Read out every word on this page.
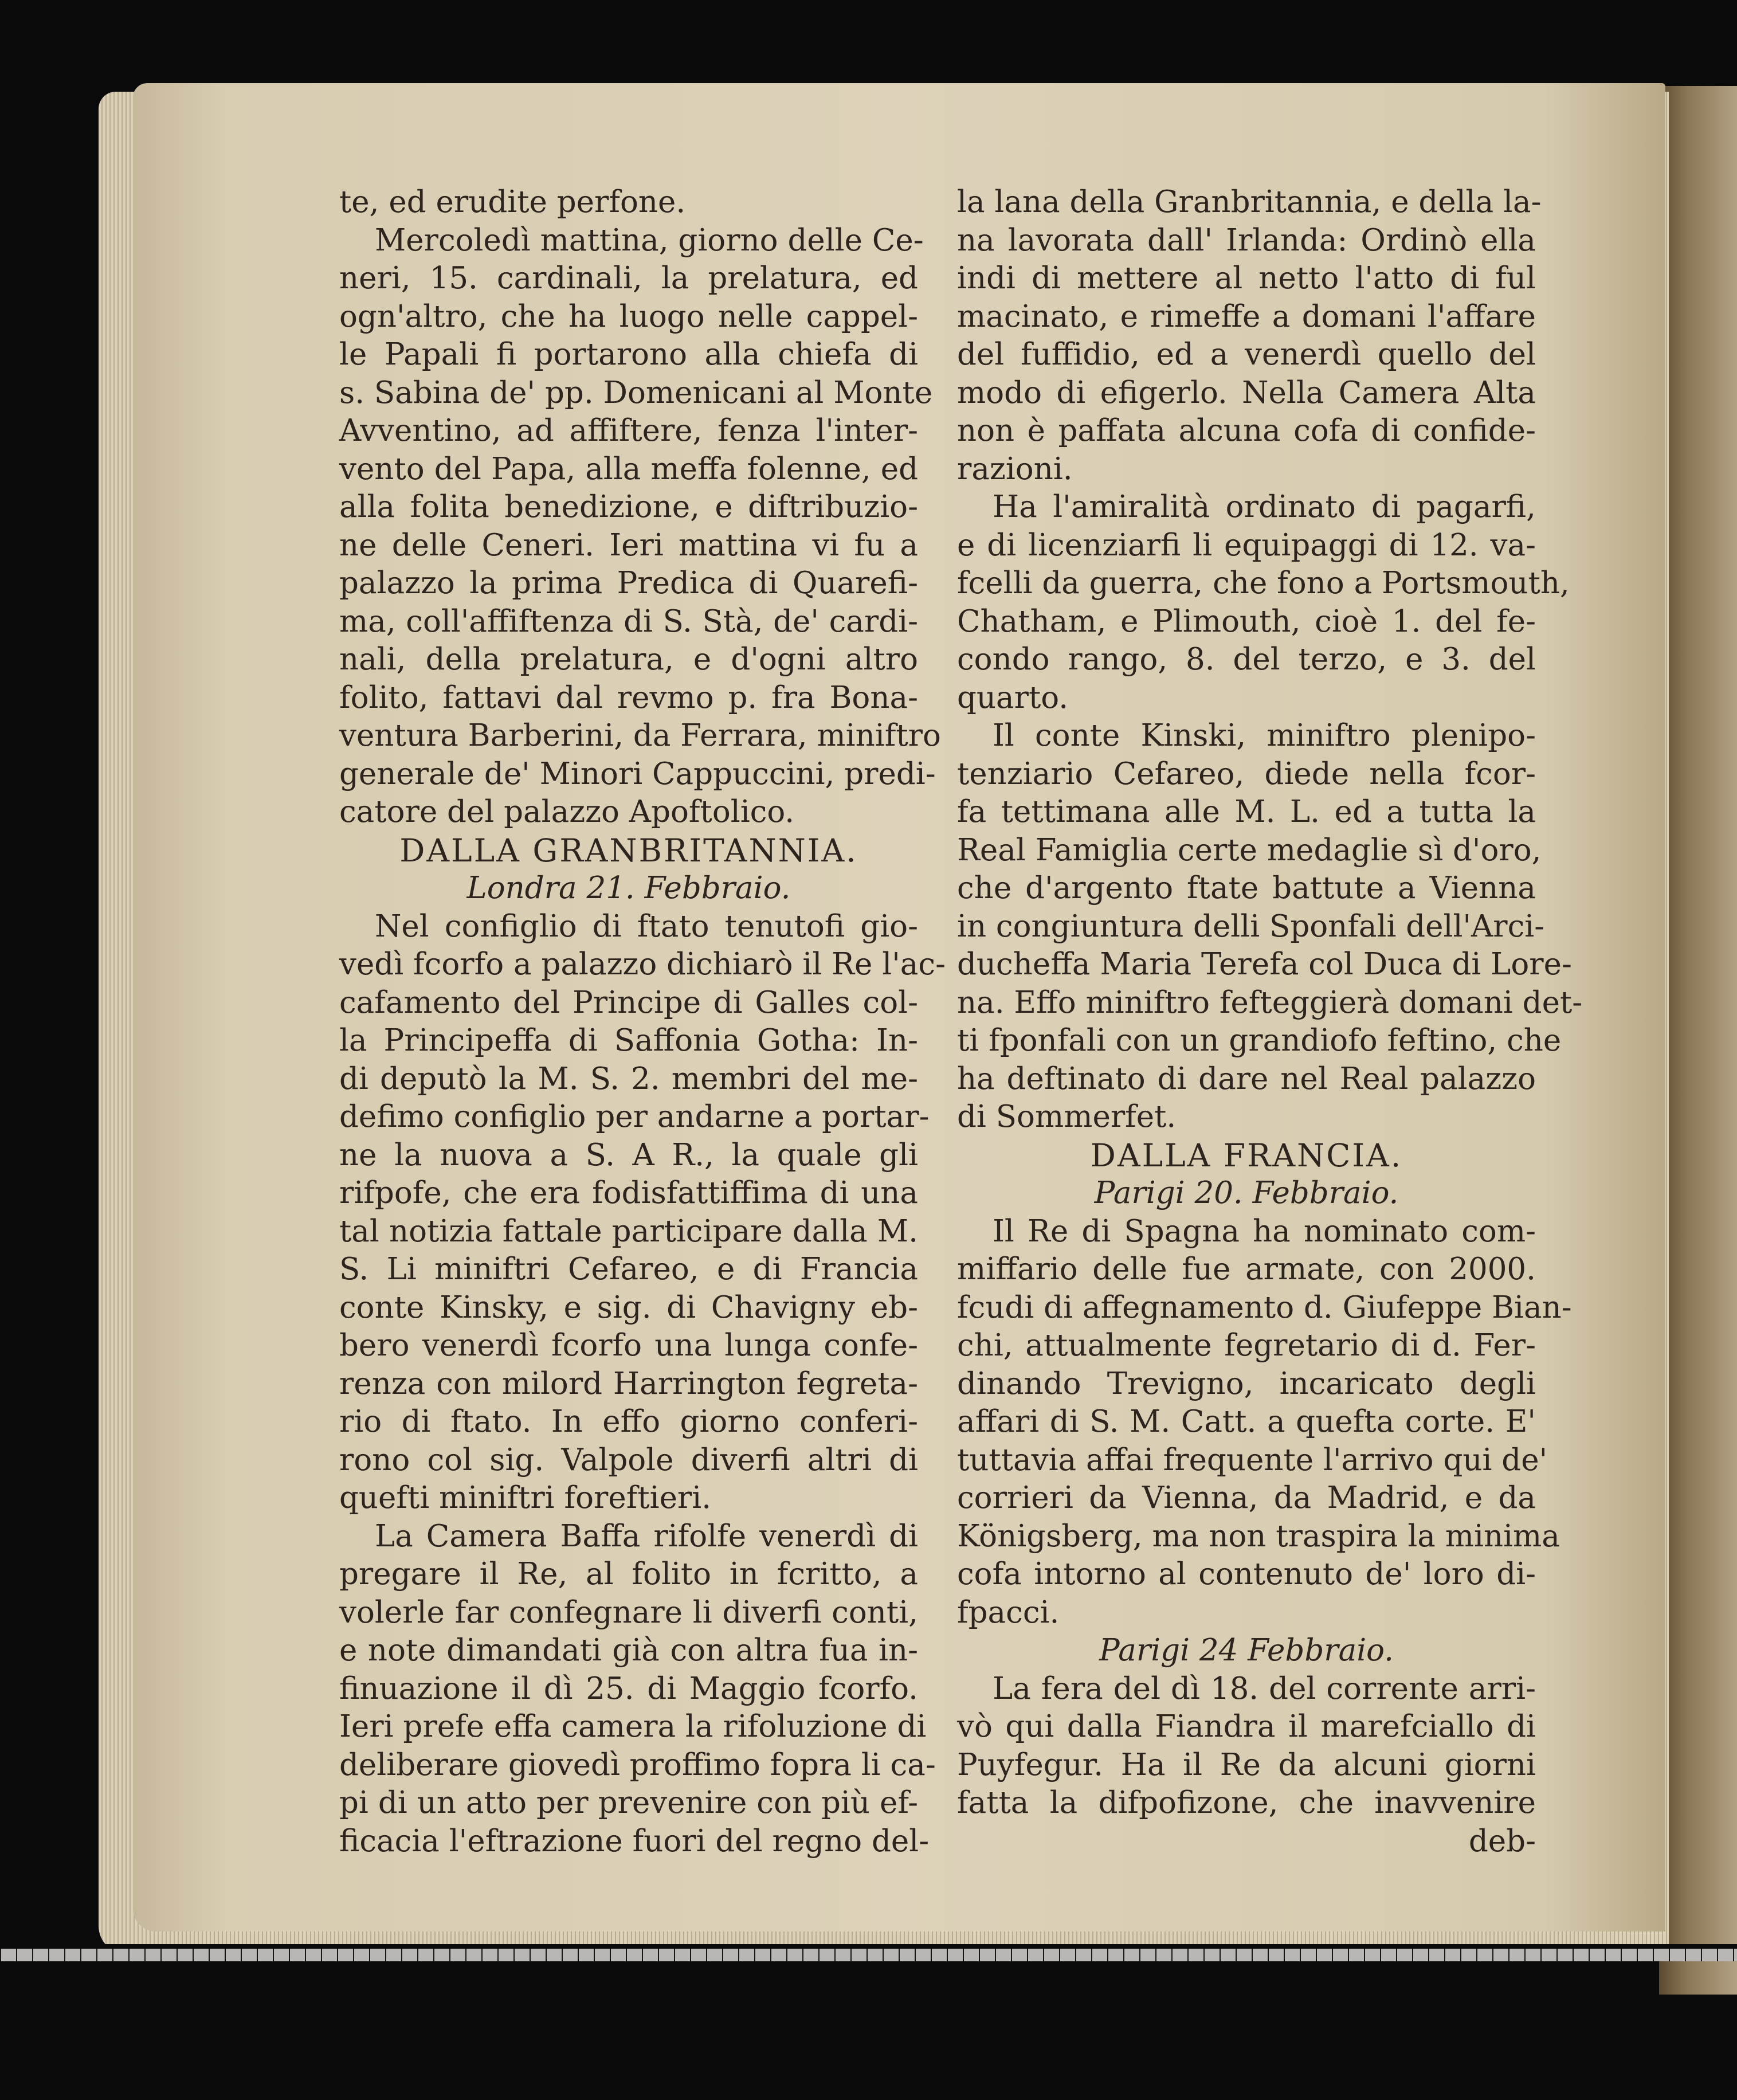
te, ed erudite perfone.
Mercoledì mattina, giorno delle Ce-
neri, 15. cardinali, la prelatura, ed
ogn'altro, che ha luogo nelle cappel-
le Papali fi portarono alla chiefa di
s. Sabina de' pp. Domenicani al Monte
Avventino, ad affiftere, fenza l'inter-
vento del Papa, alla meffa folenne, ed
alla folita benedizione, e diftribuzio-
ne delle Ceneri. Ieri mattina vi fu a
palazzo la prima Predica di Quarefi-
ma, coll'affiftenza di S. Stà, de' cardi-
nali, della prelatura, e d'ogni altro
folito, fattavi dal revmo p. fra Bona-
ventura Barberini, da Ferrara, miniftro
generale de' Minori Cappuccini, predi-
catore del palazzo Apoftolico.
DALLA GRANBRITANNIA.
Londra 21. Febbraio.
Nel configlio di ftato tenutofi gio-
vedì fcorfo a palazzo dichiarò il Re l'ac-
cafamento del Principe di Galles col-
la Principeffa di Saffonia Gotha: In-
di deputò la M. S. 2. membri del me-
defimo configlio per andarne a portar-
ne la nuova a S. A R., la quale gli
rifpofe, che era fodisfattiffima di una
tal notizia fattale participare dalla M.
S. Li miniftri Cefareo, e di Francia
conte Kinsky, e sig. di Chavigny eb-
bero venerdì fcorfo una lunga confe-
renza con milord Harrington fegreta-
rio di ftato. In effo giorno conferi-
rono col sig. Valpole diverfi altri di
quefti miniftri foreftieri.
La Camera Baffa rifolfe venerdì di
pregare il Re, al folito in fcritto, a
volerle far confegnare li diverfi conti,
e note dimandati già con altra fua in-
finuazione il dì 25. di Maggio fcorfo.
Ieri prefe effa camera la rifoluzione di
deliberare giovedì proffimo fopra li ca-
pi di un atto per prevenire con più ef-
ficacia l'eftrazione fuori del regno del-
la lana della Granbritannia, e della la-
na lavorata dall' Irlanda: Ordinò ella
indi di mettere al netto l'atto di ful
macinato, e rimeffe a domani l'affare
del fuffidio, ed a venerdì quello del
modo di efigerlo. Nella Camera Alta
non è paffata alcuna cofa di confide-
razioni.
Ha l'amiralità ordinato di pagarfi,
e di licenziarfi li equipaggi di 12. va-
fcelli da guerra, che fono a Portsmouth,
Chatham, e Plimouth, cioè 1. del fe-
condo rango, 8. del terzo, e 3. del
quarto.
Il conte Kinski, miniftro plenipo-
tenziario Cefareo, diede nella fcor-
fa tettimana alle M. L. ed a tutta la
Real Famiglia certe medaglie sì d'oro,
che d'argento ftate battute a Vienna
in congiuntura delli Sponfali dell'Arci-
ducheffa Maria Terefa col Duca di Lore-
na. Effo miniftro fefteggierà domani det-
ti fponfali con un grandiofo feftino, che
ha deftinato di dare nel Real palazzo
di Sommerfet.
DALLA FRANCIA.
Parigi 20. Febbraio.
Il Re di Spagna ha nominato com-
miffario delle fue armate, con 2000.
fcudi di affegnamento d. Giufeppe Bian-
chi, attualmente fegretario di d. Fer-
dinando Trevigno, incaricato degli
affari di S. M. Catt. a quefta corte. E'
tuttavia affai frequente l'arrivo qui de'
corrieri da Vienna, da Madrid, e da
Königsberg, ma non traspira la minima
cofa intorno al contenuto de' loro di-
fpacci.
Parigi 24 Febbraio.
La fera del dì 18. del corrente arri-
vò qui dalla Fiandra il marefciallo di
Puyfegur. Ha il Re da alcuni giorni
fatta la difpofizone, che inavvenire
deb-
